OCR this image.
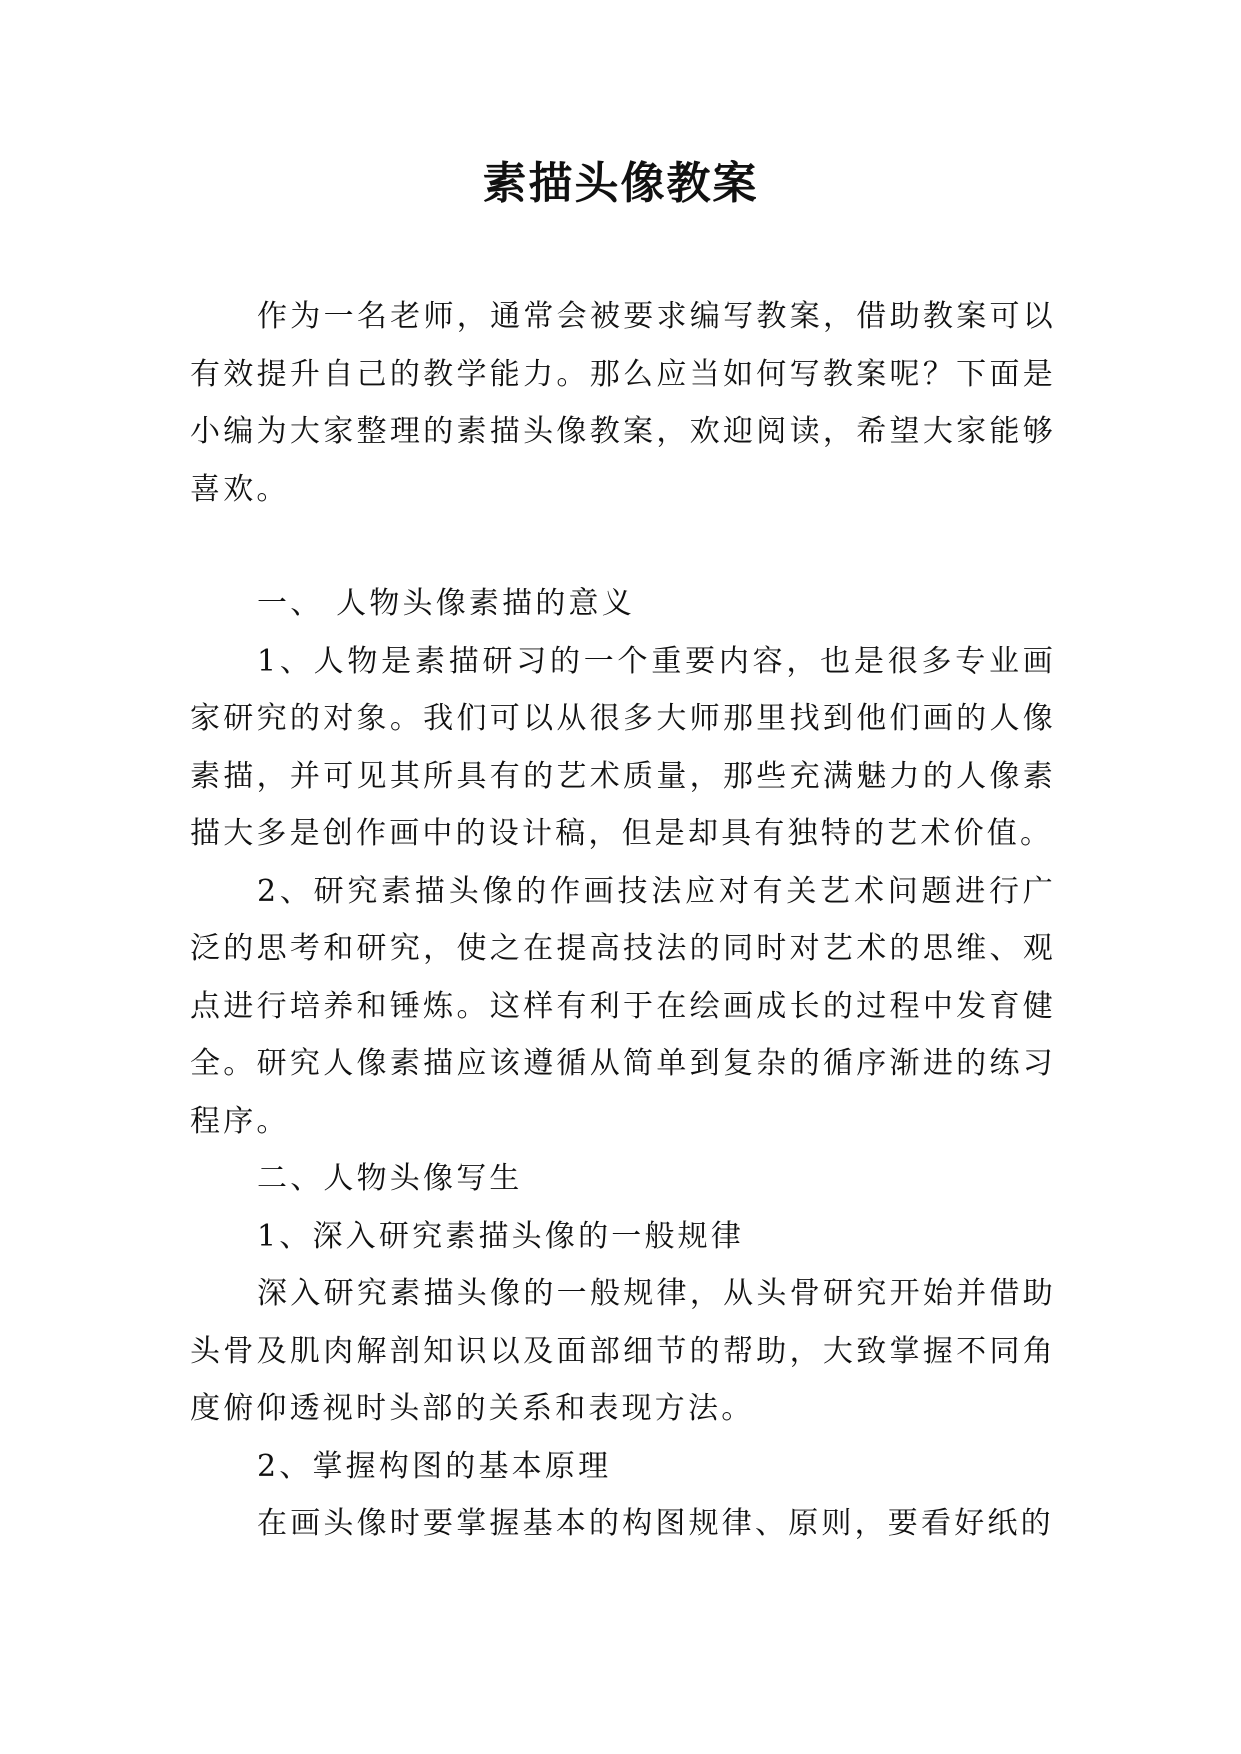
素描头像教案

作为一名老师，通常会被要求编写教案，借助教案可以有效提升自己的教学能力。那么应当如何写教案呢？下面是小编为大家整理的素描头像教案，欢迎阅读，希望大家能够喜欢。

一、 人物头像素描的意义

1、人物是素描研习的一个重要内容，也是很多专业画家研究的对象。我们可以从很多大师那里找到他们画的人像素描，并可见其所具有的艺术质量，那些充满魅力的人像素描大多是创作画中的设计稿，但是却具有独特的艺术价值。

2、研究素描头像的作画技法应对有关艺术问题进行广泛的思考和研究，使之在提高技法的同时对艺术的思维、观点进行培养和锤炼。这样有利于在绘画成长的过程中发育健全。研究人像素描应该遵循从简单到复杂的循序渐进的练习程序。

二、人物头像写生

1、深入研究素描头像的一般规律

深入研究素描头像的一般规律，从头骨研究开始并借助头骨及肌肉解剖知识以及面部细节的帮助，大致掌握不同角度俯仰透视时头部的关系和表现方法。

2、掌握构图的基本原理

在画头像时要掌握基本的构图规律、原则，要看好纸的
